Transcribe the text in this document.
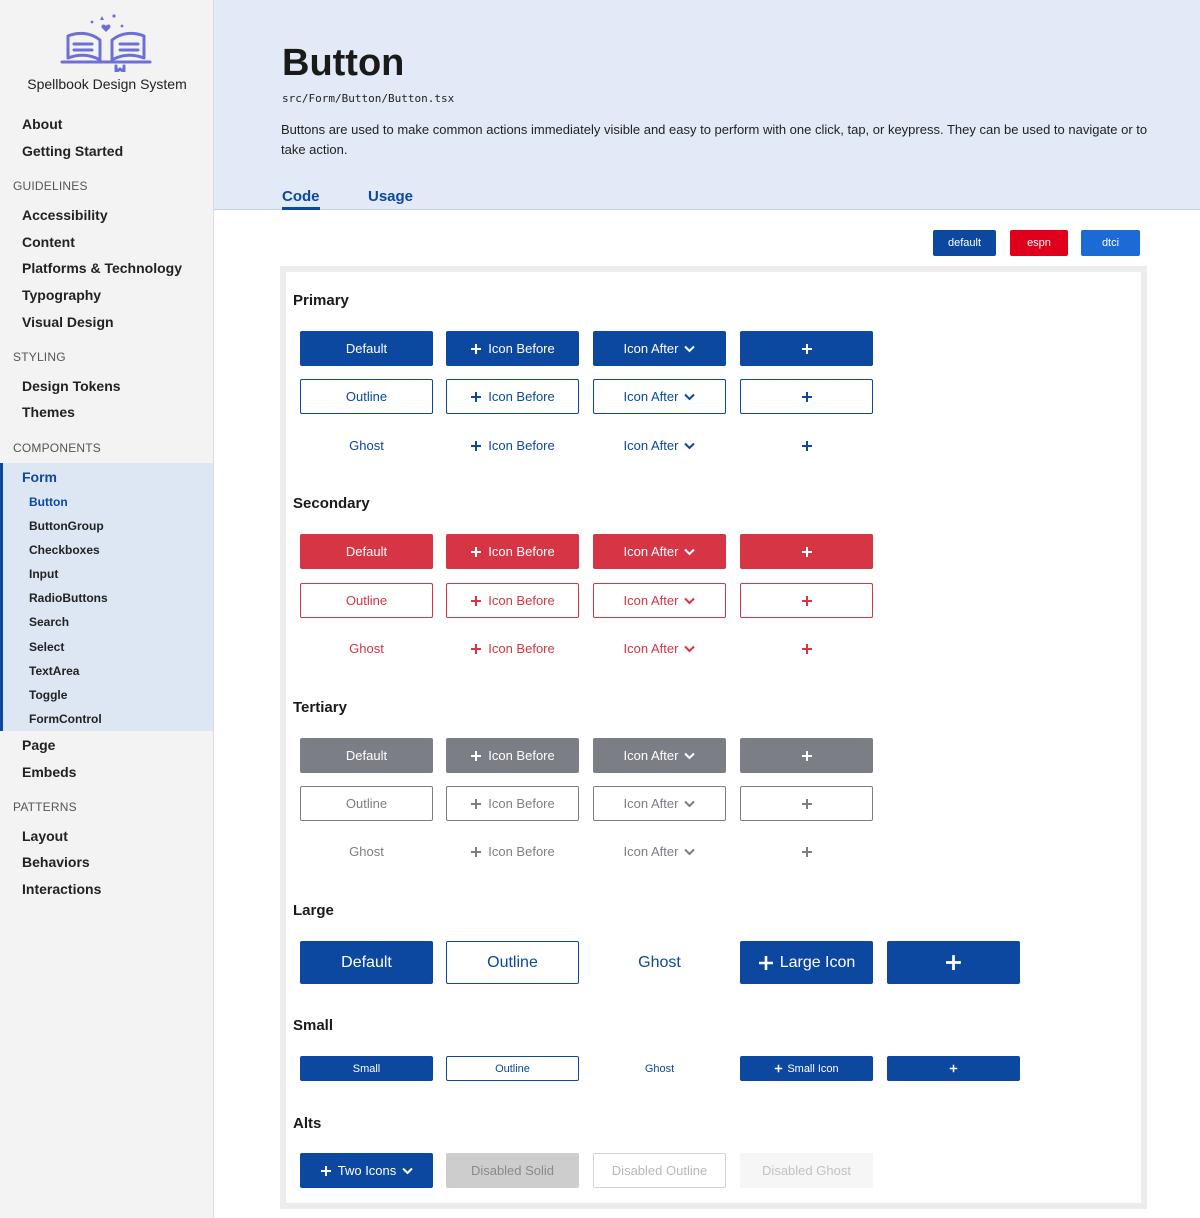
Spellbook Design System
About
Getting Started
GUIDELINES
Accessibility
Content
Platforms & Technology
Typography
Visual Design
STYLING
Design Tokens
Themes
COMPONENTS
Form
Button
ButtonGroup
Checkboxes
Input
RadioButtons
Search
Select
TextArea
Toggle
FormControl
Page
Embeds
PATTERNS
Layout
Behaviors
Interactions
Button
src/Form/Button/Button.tsx

Buttons are used to make common actions immediately visible and easy to perform with one click, tap, or keypress. They can be used to navigate or to take action.

Code	Usage
default	espn	dtci
Primary
Default	Icon Before	Icon After
Outline	Icon Before	Icon After
Ghost	Icon Before	Icon After
Secondary
Default	Icon Before	Icon After
Outline	Icon Before	Icon After
Ghost	Icon Before	Icon After
Tertiary
Default	Icon Before	Icon After
Outline	Icon Before	Icon After
Ghost	Icon Before	Icon After
Large
Default	Outline	Ghost	Large Icon
Small
Small	Outline	Ghost	Small Icon
Alts
Two Icons	Disabled Solid	Disabled Outline	Disabled Ghost
